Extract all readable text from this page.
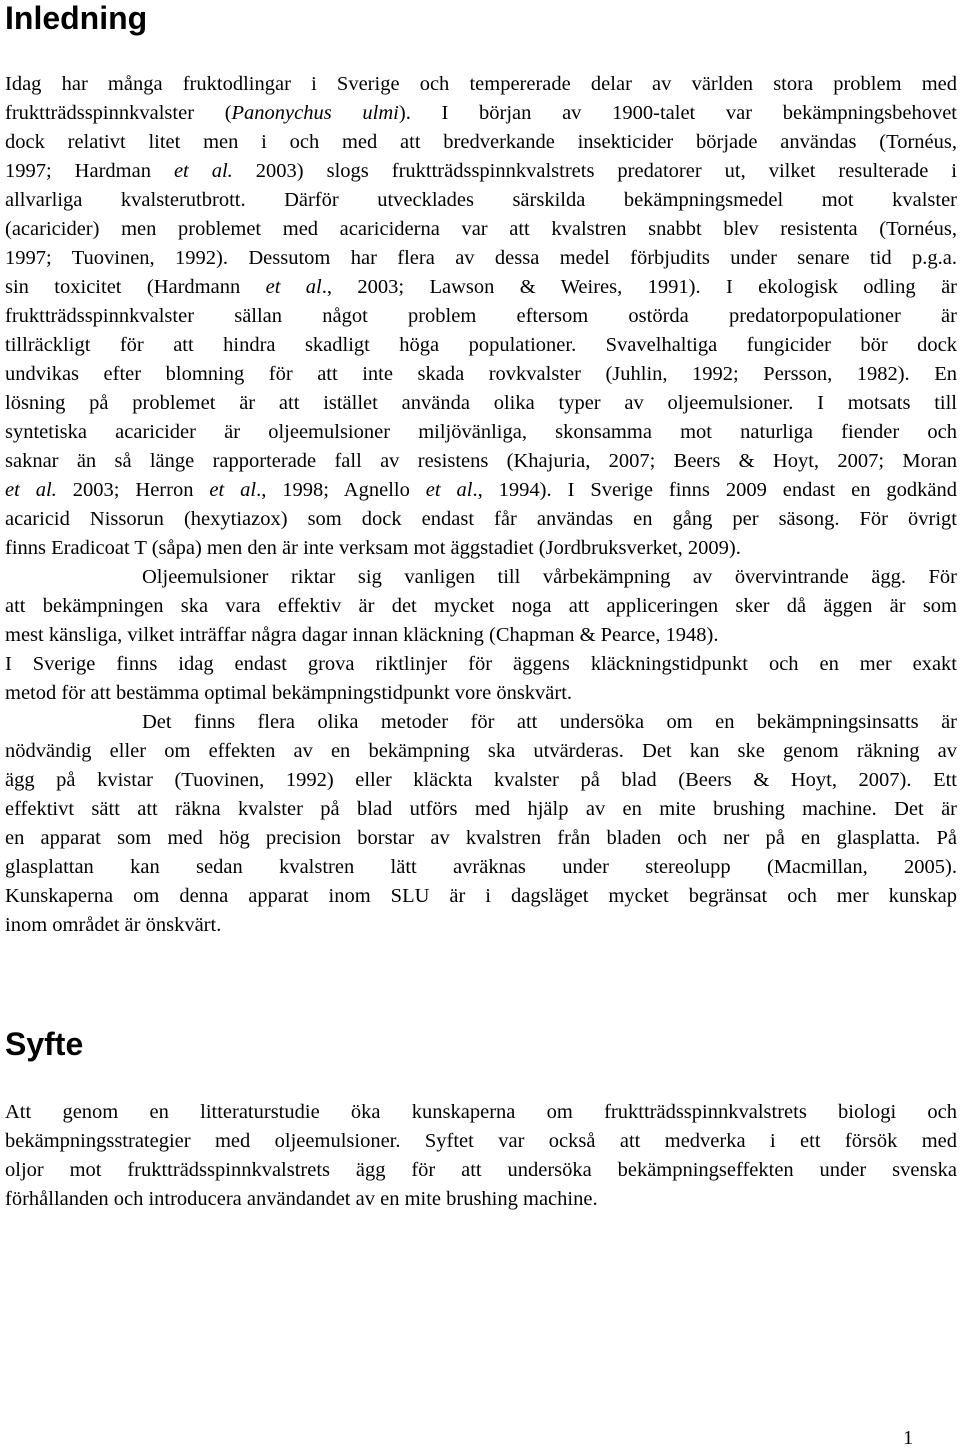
Inledning
Idag har många fruktodlingar i Sverige och tempererade delar av världen stora problem med
fruktträdsspinnkvalster (Panonychus ulmi). I början av 1900-talet var bekämpningsbehovet
dock relativt litet men i och med att bredverkande insekticider började användas (Tornéus,
1997; Hardman et al. 2003) slogs fruktträdsspinnkvalstrets predatorer ut, vilket resulterade i
allvarliga kvalsterutbrott. Därför utvecklades särskilda bekämpningsmedel mot kvalster
(acaricider) men problemet med acariciderna var att kvalstren snabbt blev resistenta (Tornéus,
1997; Tuovinen, 1992). Dessutom har flera av dessa medel förbjudits under senare tid p.g.a.
sin toxicitet (Hardmann et al., 2003; Lawson & Weires, 1991). I ekologisk odling är
fruktträdsspinnkvalster sällan något problem eftersom ostörda predatorpopulationer är
tillräckligt för att hindra skadligt höga populationer. Svavelhaltiga fungicider bör dock
undvikas efter blomning för att inte skada rovkvalster (Juhlin, 1992; Persson, 1982). En
lösning på problemet är att istället använda olika typer av oljeemulsioner. I motsats till
syntetiska acaricider är oljeemulsioner miljövänliga, skonsamma mot naturliga fiender och
saknar än så länge rapporterade fall av resistens (Khajuria, 2007; Beers & Hoyt, 2007; Moran
et al. 2003; Herron et al., 1998; Agnello et al., 1994). I Sverige finns 2009 endast en godkänd
acaricid Nissorun (hexytiazox) som dock endast får användas en gång per säsong. För övrigt
finns Eradicoat T (såpa) men den är inte verksam mot äggstadiet (Jordbruksverket, 2009).
Oljeemulsioner riktar sig vanligen till vårbekämpning av övervintrande ägg. För
att bekämpningen ska vara effektiv är det mycket noga att appliceringen sker då äggen är som
mest känsliga, vilket inträffar några dagar innan kläckning (Chapman & Pearce, 1948).
I Sverige finns idag endast grova riktlinjer för äggens kläckningstidpunkt och en mer exakt
metod för att bestämma optimal bekämpningstidpunkt vore önskvärt.
Det finns flera olika metoder för att undersöka om en bekämpningsinsatts är
nödvändig eller om effekten av en bekämpning ska utvärderas. Det kan ske genom räkning av
ägg på kvistar (Tuovinen, 1992) eller kläckta kvalster på blad (Beers & Hoyt, 2007). Ett
effektivt sätt att räkna kvalster på blad utförs med hjälp av en mite brushing machine. Det är
en apparat som med hög precision borstar av kvalstren från bladen och ner på en glasplatta. På
glasplattan kan sedan kvalstren lätt avräknas under stereolupp (Macmillan, 2005).
Kunskaperna om denna apparat inom SLU är i dagsläget mycket begränsat och mer kunskap
inom området är önskvärt.
Syfte
Att genom en litteraturstudie öka kunskaperna om fruktträdsspinnkvalstrets biologi och
bekämpningsstrategier med oljeemulsioner. Syftet var också att medverka i ett försök med
oljor mot fruktträdsspinnkvalstrets ägg för att undersöka bekämpningseffekten under svenska
förhållanden och introducera användandet av en mite brushing machine.
1
